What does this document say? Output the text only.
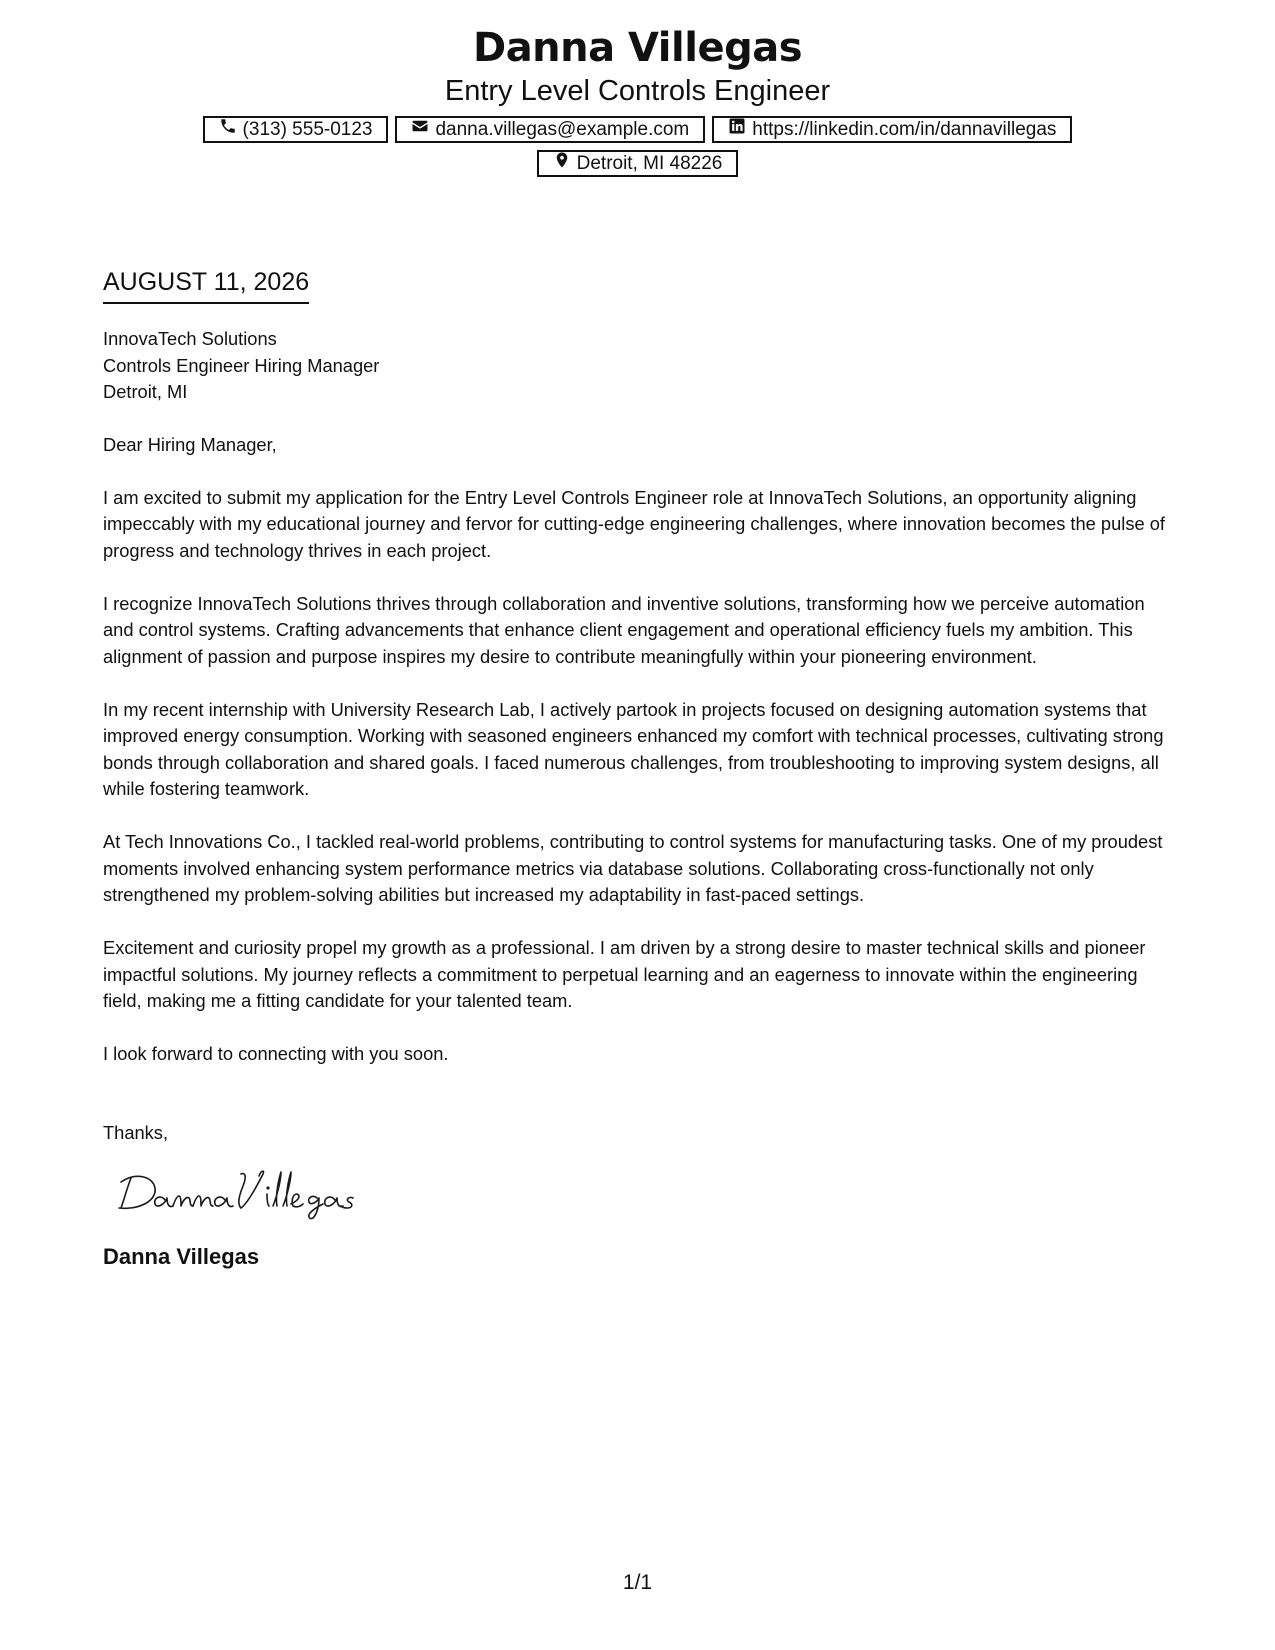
Danna Villegas
Entry Level Controls Engineer
(313) 555-0123	danna.villegas@example.com	https://linkedin.com/in/dannavillegas
Detroit, MI 48226
AUGUST 11, 2026
InnovaTech Solutions
Controls Engineer Hiring Manager
Detroit, MI

Dear Hiring Manager,

I am excited to submit my application for the Entry Level Controls Engineer role at InnovaTech Solutions, an opportunity aligning impeccably with my educational journey and fervor for cutting-edge engineering challenges, where innovation becomes the pulse of progress and technology thrives in each project.

I recognize InnovaTech Solutions thrives through collaboration and inventive solutions, transforming how we perceive automation and control systems. Crafting advancements that enhance client engagement and operational efficiency fuels my ambition. This alignment of passion and purpose inspires my desire to contribute meaningfully within your pioneering environment.

In my recent internship with University Research Lab, I actively partook in projects focused on designing automation systems that improved energy consumption. Working with seasoned engineers enhanced my comfort with technical processes, cultivating strong bonds through collaboration and shared goals. I faced numerous challenges, from troubleshooting to improving system designs, all while fostering teamwork.

At Tech Innovations Co., I tackled real-world problems, contributing to control systems for manufacturing tasks. One of my proudest moments involved enhancing system performance metrics via database solutions. Collaborating cross-functionally not only strengthened my problem-solving abilities but increased my adaptability in fast-paced settings.

Excitement and curiosity propel my growth as a professional. I am driven by a strong desire to master technical skills and pioneer impactful solutions. My journey reflects a commitment to perpetual learning and an eagerness to innovate within the engineering field, making me a fitting candidate for your talented team.

I look forward to connecting with you soon.

Thanks,
Danna Villegas
1/1
